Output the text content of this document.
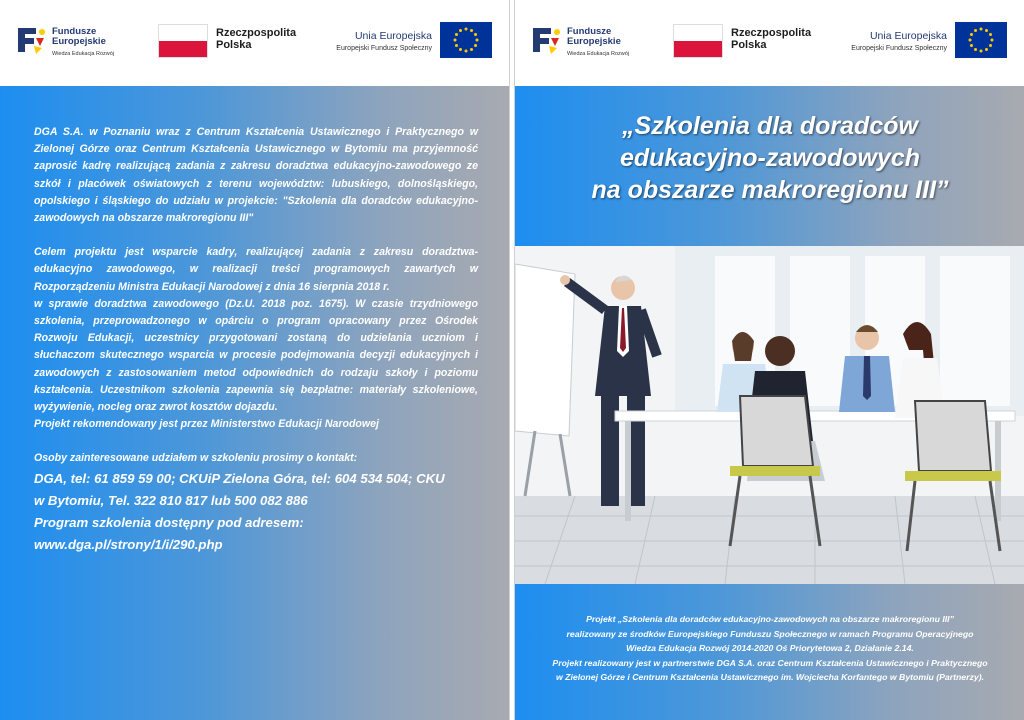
Fundusze
Europejskie
Wiedza Edukacja Rozwój
Rzeczpospolita
Polska
Unia Europejska
Europejski Fundusz Społeczny

DGA S.A. w Poznaniu wraz z Centrum Kształcenia Ustawicznego i Praktycznego w Zielonej Górze oraz Centrum Kształcenia Ustawicznego w Bytomiu ma przyjemność zaprosić kadrę realizującą zadania z zakresu doradztwa edukacyjno-zawodowego ze szkół i placówek oświatowych z terenu województw: lubuskiego, dolnośląskiego, opolskiego i śląskiego do udziału w projekcie: "Szkolenia dla doradców edukacyjno-zawodowych na obszarze makroregionu III"

Celem projektu jest wsparcie kadry, realizującej zadania z zakresu doradztwa-edukacyjno zawodowego, w realizacji treści programowych zawartych w Rozporządzeniu Ministra Edukacji Narodowej z dnia 16 sierpnia 2018 r.

w sprawie doradztwa zawodowego (Dz.U. 2018 poz. 1675). W czasie trzydniowego szkolenia, przeprowadzonego w opárciu o program opracowany przez Ośrodek Rozwoju Edukacji, uczestnicy przygotowani zostaną do udzielania uczniom i słuchaczom skutecznego wsparcia w procesie podejmowania decyzji edukacyjnych i zawodowych z zastosowaniem metod odpowiednich do rodzaju szkoły i poziomu kształcenia. Uczestnikom szkolenia zapewnia się bezpłatne: materiały szkoleniowe, wyżywienie, nocleg oraz zwrot kosztów dojazdu.

Projekt rekomendowany jest przez Ministerstwo Edukacji Narodowej

Osoby zainteresowane udziałem w szkoleniu prosimy o kontakt:

DGA, tel: 61 859 59 00; CKUiP Zielona Góra, tel: 604 534 504; CKU

w Bytomiu, Tel. 322 810 817 lub 500 082 886

Program szkolenia dostępny pod adresem:

www.dga.pl/strony/1/i/290.php

Fundusze
Europejskie
Wiedza Edukacja Rozwój
Rzeczpospolita
Polska
Unia Europejska
Europejski Fundusz Społeczny
„Szkolenia dla doradców
edukacyjno-zawodowych
na obszarze makroregionu III”
Projekt „Szkolenia dla doradców edukacyjno-zawodowych na obszarze makroregionu III”
realizowany ze środków Europejskiego Funduszu Społecznego w ramach Programu Operacyjnego
Wiedza Edukacja Rozwój 2014-2020 Oś Priorytetowa 2, Działanie 2.14.
Projekt realizowany jest w partnerstwie DGA S.A. oraz Centrum Kształcenia Ustawicznego i Praktycznego
w Zielonej Górze i Centrum Kształcenia Ustawicznego im. Wojciecha Korfantego w Bytomiu (Partnerzy).
